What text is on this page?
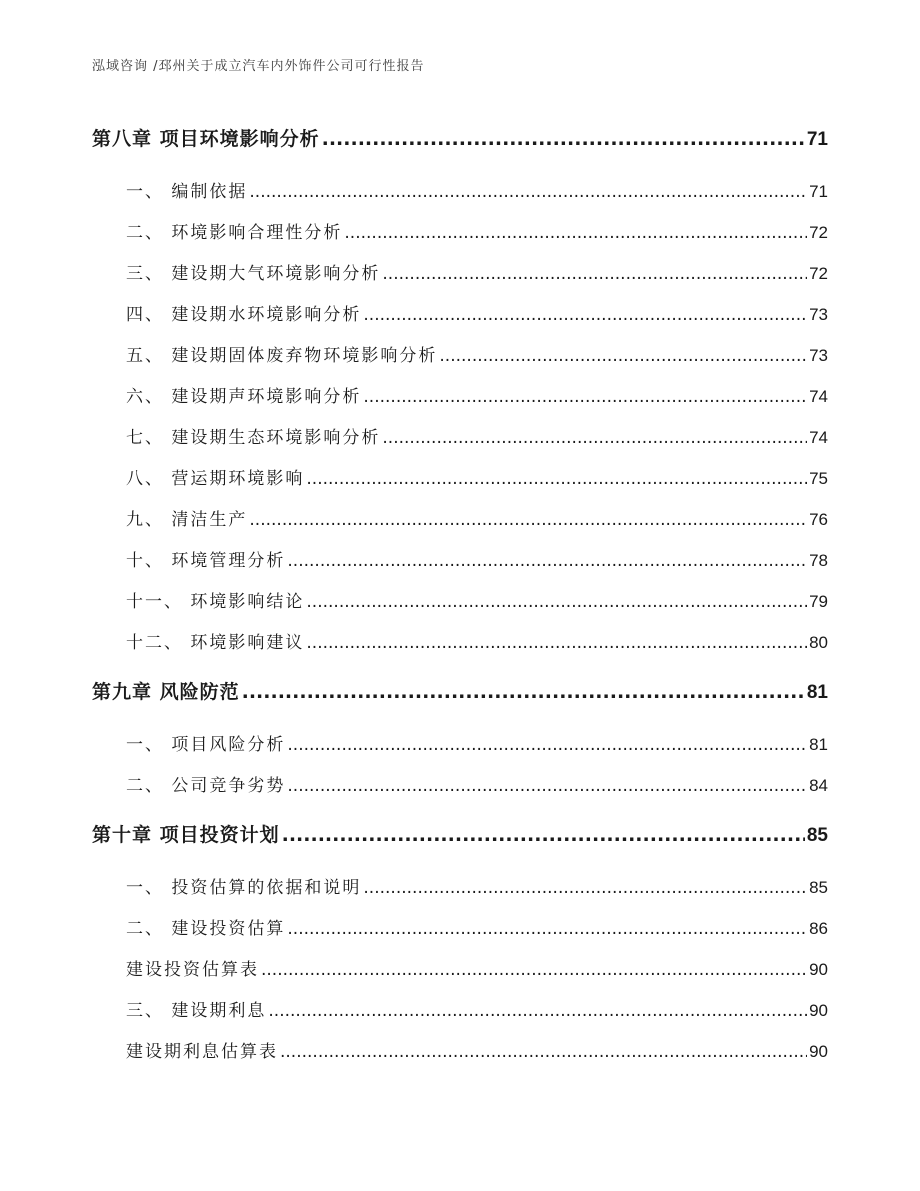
泓域咨询 /邳州关于成立汽车内外饰件公司可行性报告
第八章 项目环境影响分析 .....	71
一、 编制依据 .....	71
二、 环境影响合理性分析 .....	72
三、 建设期大气环境影响分析 .....	72
四、 建设期水环境影响分析 .....	73
五、 建设期固体废弃物环境影响分析 .....	73
六、 建设期声环境影响分析 .....	74
七、 建设期生态环境影响分析 .....	74
八、 营运期环境影响 .....	75
九、 清洁生产 .....	76
十、 环境管理分析 .....	78
十一、 环境影响结论 .....	79
十二、 环境影响建议 .....	80
第九章 风险防范 .....	81
一、 项目风险分析 .....	81
二、 公司竞争劣势 .....	84
第十章 项目投资计划 .....	85
一、 投资估算的依据和说明 .....	85
二、 建设投资估算 .....	86
建设投资估算表 .....	90
三、 建设期利息 .....	90
建设期利息估算表 .....	90
